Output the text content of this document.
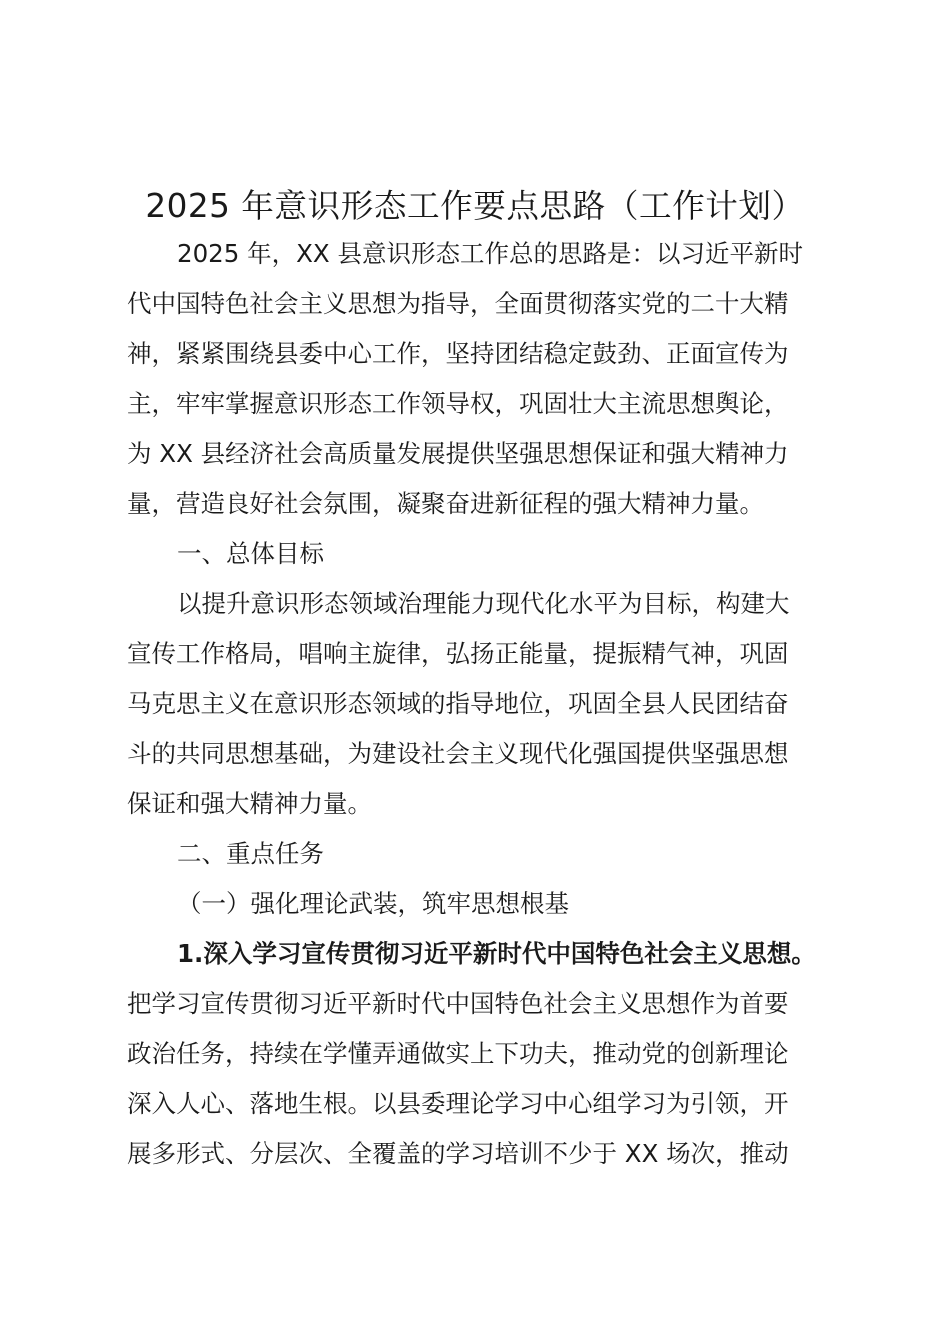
2025 年意识形态工作要点思路（工作计划）
2025 年，XX 县意识形态工作总的思路是：以习近平新时
代中国特色社会主义思想为指导，全面贯彻落实党的二十大精
神，紧紧围绕县委中心工作，坚持团结稳定鼓劲、正面宣传为
主，牢牢掌握意识形态工作领导权，巩固壮大主流思想舆论，
为 XX 县经济社会高质量发展提供坚强思想保证和强大精神力
量，营造良好社会氛围，凝聚奋进新征程的强大精神力量。
一、总体目标
以提升意识形态领域治理能力现代化水平为目标，构建大
宣传工作格局，唱响主旋律，弘扬正能量，提振精气神，巩固
马克思主义在意识形态领域的指导地位，巩固全县人民团结奋
斗的共同思想基础，为建设社会主义现代化强国提供坚强思想
保证和强大精神力量。
二、重点任务
（一）强化理论武装，筑牢思想根基
1.深入学习宣传贯彻习近平新时代中国特色社会主义思想。
把学习宣传贯彻习近平新时代中国特色社会主义思想作为首要
政治任务，持续在学懂弄通做实上下功夫，推动党的创新理论
深入人心、落地生根。以县委理论学习中心组学习为引领，开
展多形式、分层次、全覆盖的学习培训不少于 XX 场次，推动
